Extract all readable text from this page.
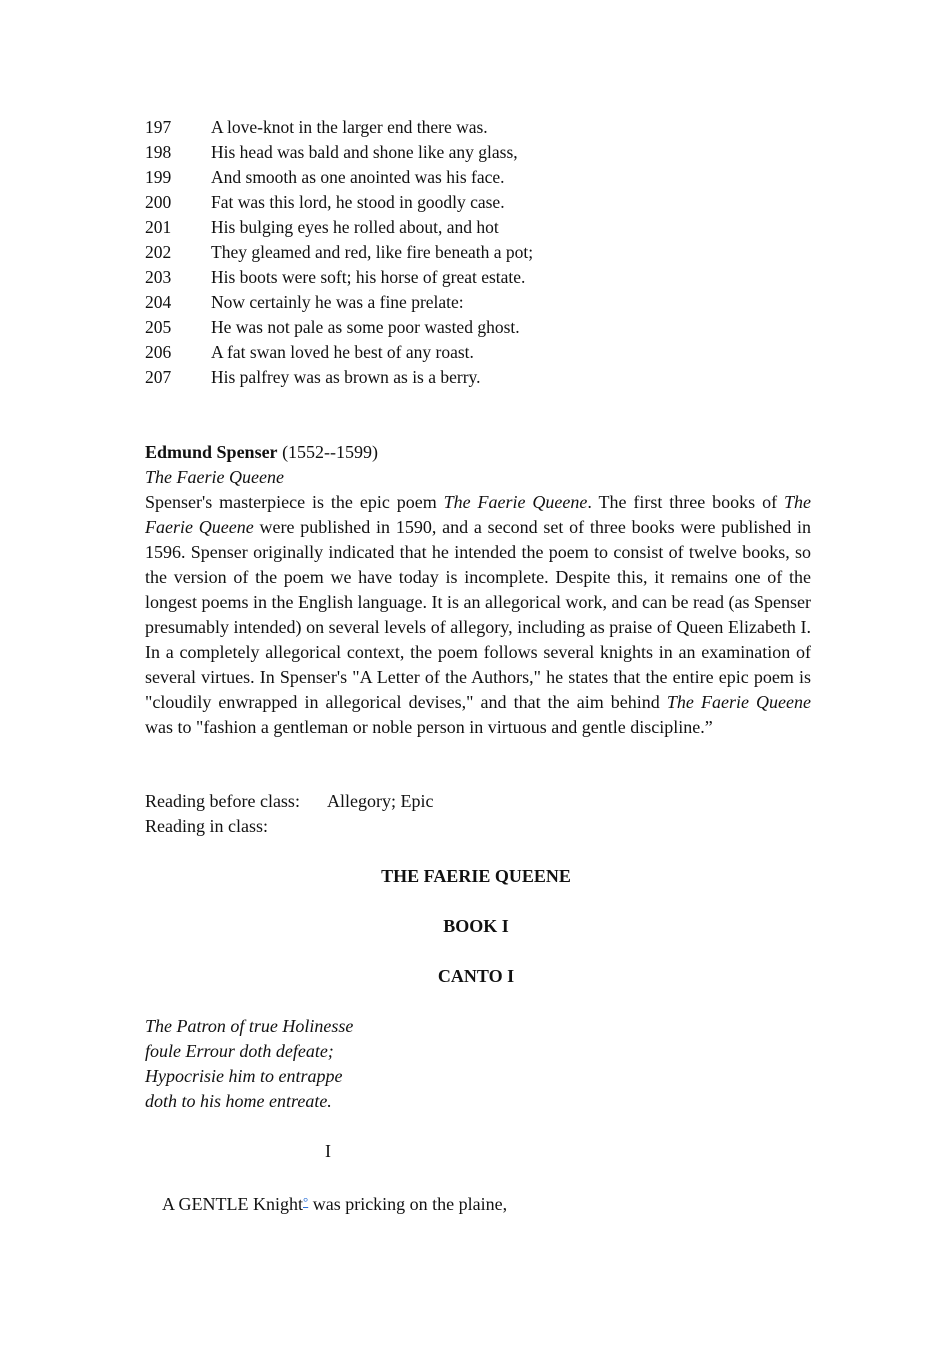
197 A love-knot in the larger end there was.
198 His head was bald and shone like any glass,
199 And smooth as one anointed was his face.
200 Fat was this lord, he stood in goodly case.
201 His bulging eyes he rolled about, and hot
202 They gleamed and red, like fire beneath a pot;
203 His boots were soft; his horse of great estate.
204 Now certainly he was a fine prelate:
205 He was not pale as some poor wasted ghost.
206 A fat swan loved he best of any roast.
207 His palfrey was as brown as is a berry.
Edmund Spenser (1552--1599)
The Faerie Queene

Spenser's masterpiece is the epic poem The Faerie Queene. The first three books of The Faerie Queene were published in 1590, and a second set of three books were published in 1596. Spenser originally indicated that he intended the poem to consist of twelve books, so the version of the poem we have today is incomplete. Despite this, it remains one of the longest poems in the English language. It is an allegorical work, and can be read (as Spenser presumably intended) on several levels of allegory, including as praise of Queen Elizabeth I. In a completely allegorical context, the poem follows several knights in an examination of several virtues. In Spenser's "A Letter of the Authors," he states that the entire epic poem is "cloudily enwrapped in allegorical devises," and that the aim behind The Faerie Queene was to "fashion a gentleman or noble person in virtuous and gentle discipline.”

Reading before class: Allegory; Epic
Reading in class:
THE FAERIE QUEENE
BOOK I
CANTO I
The Patron of true Holinesse
foule Errour doth defeate;
Hypocrisie him to entrappe
doth to his home entreate.
I
A GENTLE Knight° was pricking on the plaine,
